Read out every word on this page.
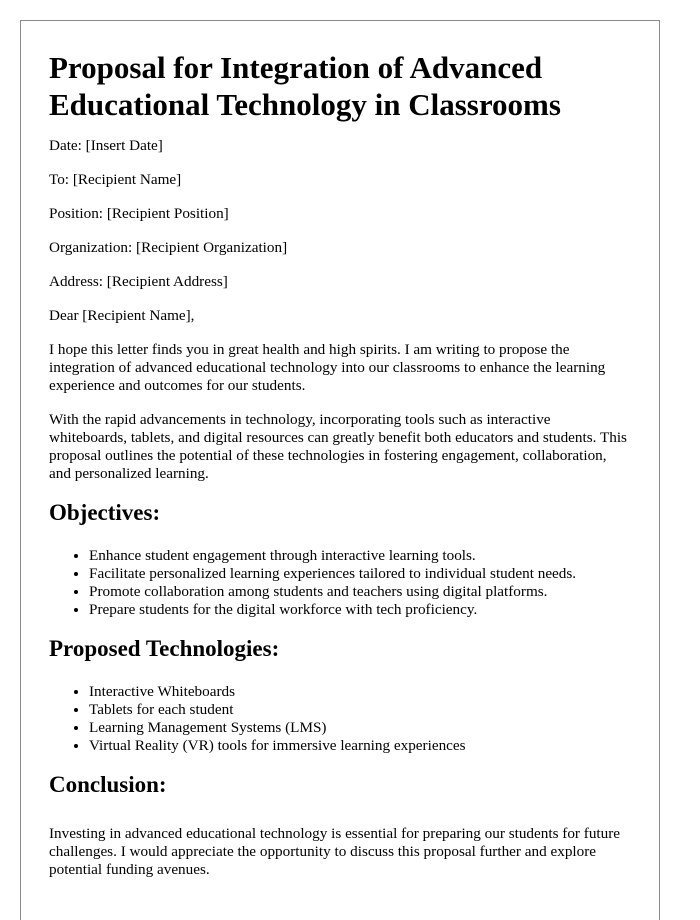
Proposal for Integration of Advanced Educational Technology in Classrooms

Date: [Insert Date]

To: [Recipient Name]

Position: [Recipient Position]

Organization: [Recipient Organization]

Address: [Recipient Address]

Dear [Recipient Name],

I hope this letter finds you in great health and high spirits. I am writing to propose the integration of advanced educational technology into our classrooms to enhance the learning experience and outcomes for our students.

With the rapid advancements in technology, incorporating tools such as interactive whiteboards, tablets, and digital resources can greatly benefit both educators and students. This proposal outlines the potential of these technologies in fostering engagement, collaboration, and personalized learning.

Objectives:
• Enhance student engagement through interactive learning tools.
• Facilitate personalized learning experiences tailored to individual student needs.
• Promote collaboration among students and teachers using digital platforms.
• Prepare students for the digital workforce with tech proficiency.
Proposed Technologies:
• Interactive Whiteboards
• Tablets for each student
• Learning Management Systems (LMS)
• Virtual Reality (VR) tools for immersive learning experiences
Conclusion:

Investing in advanced educational technology is essential for preparing our students for future challenges. I would appreciate the opportunity to discuss this proposal further and explore potential funding avenues.
